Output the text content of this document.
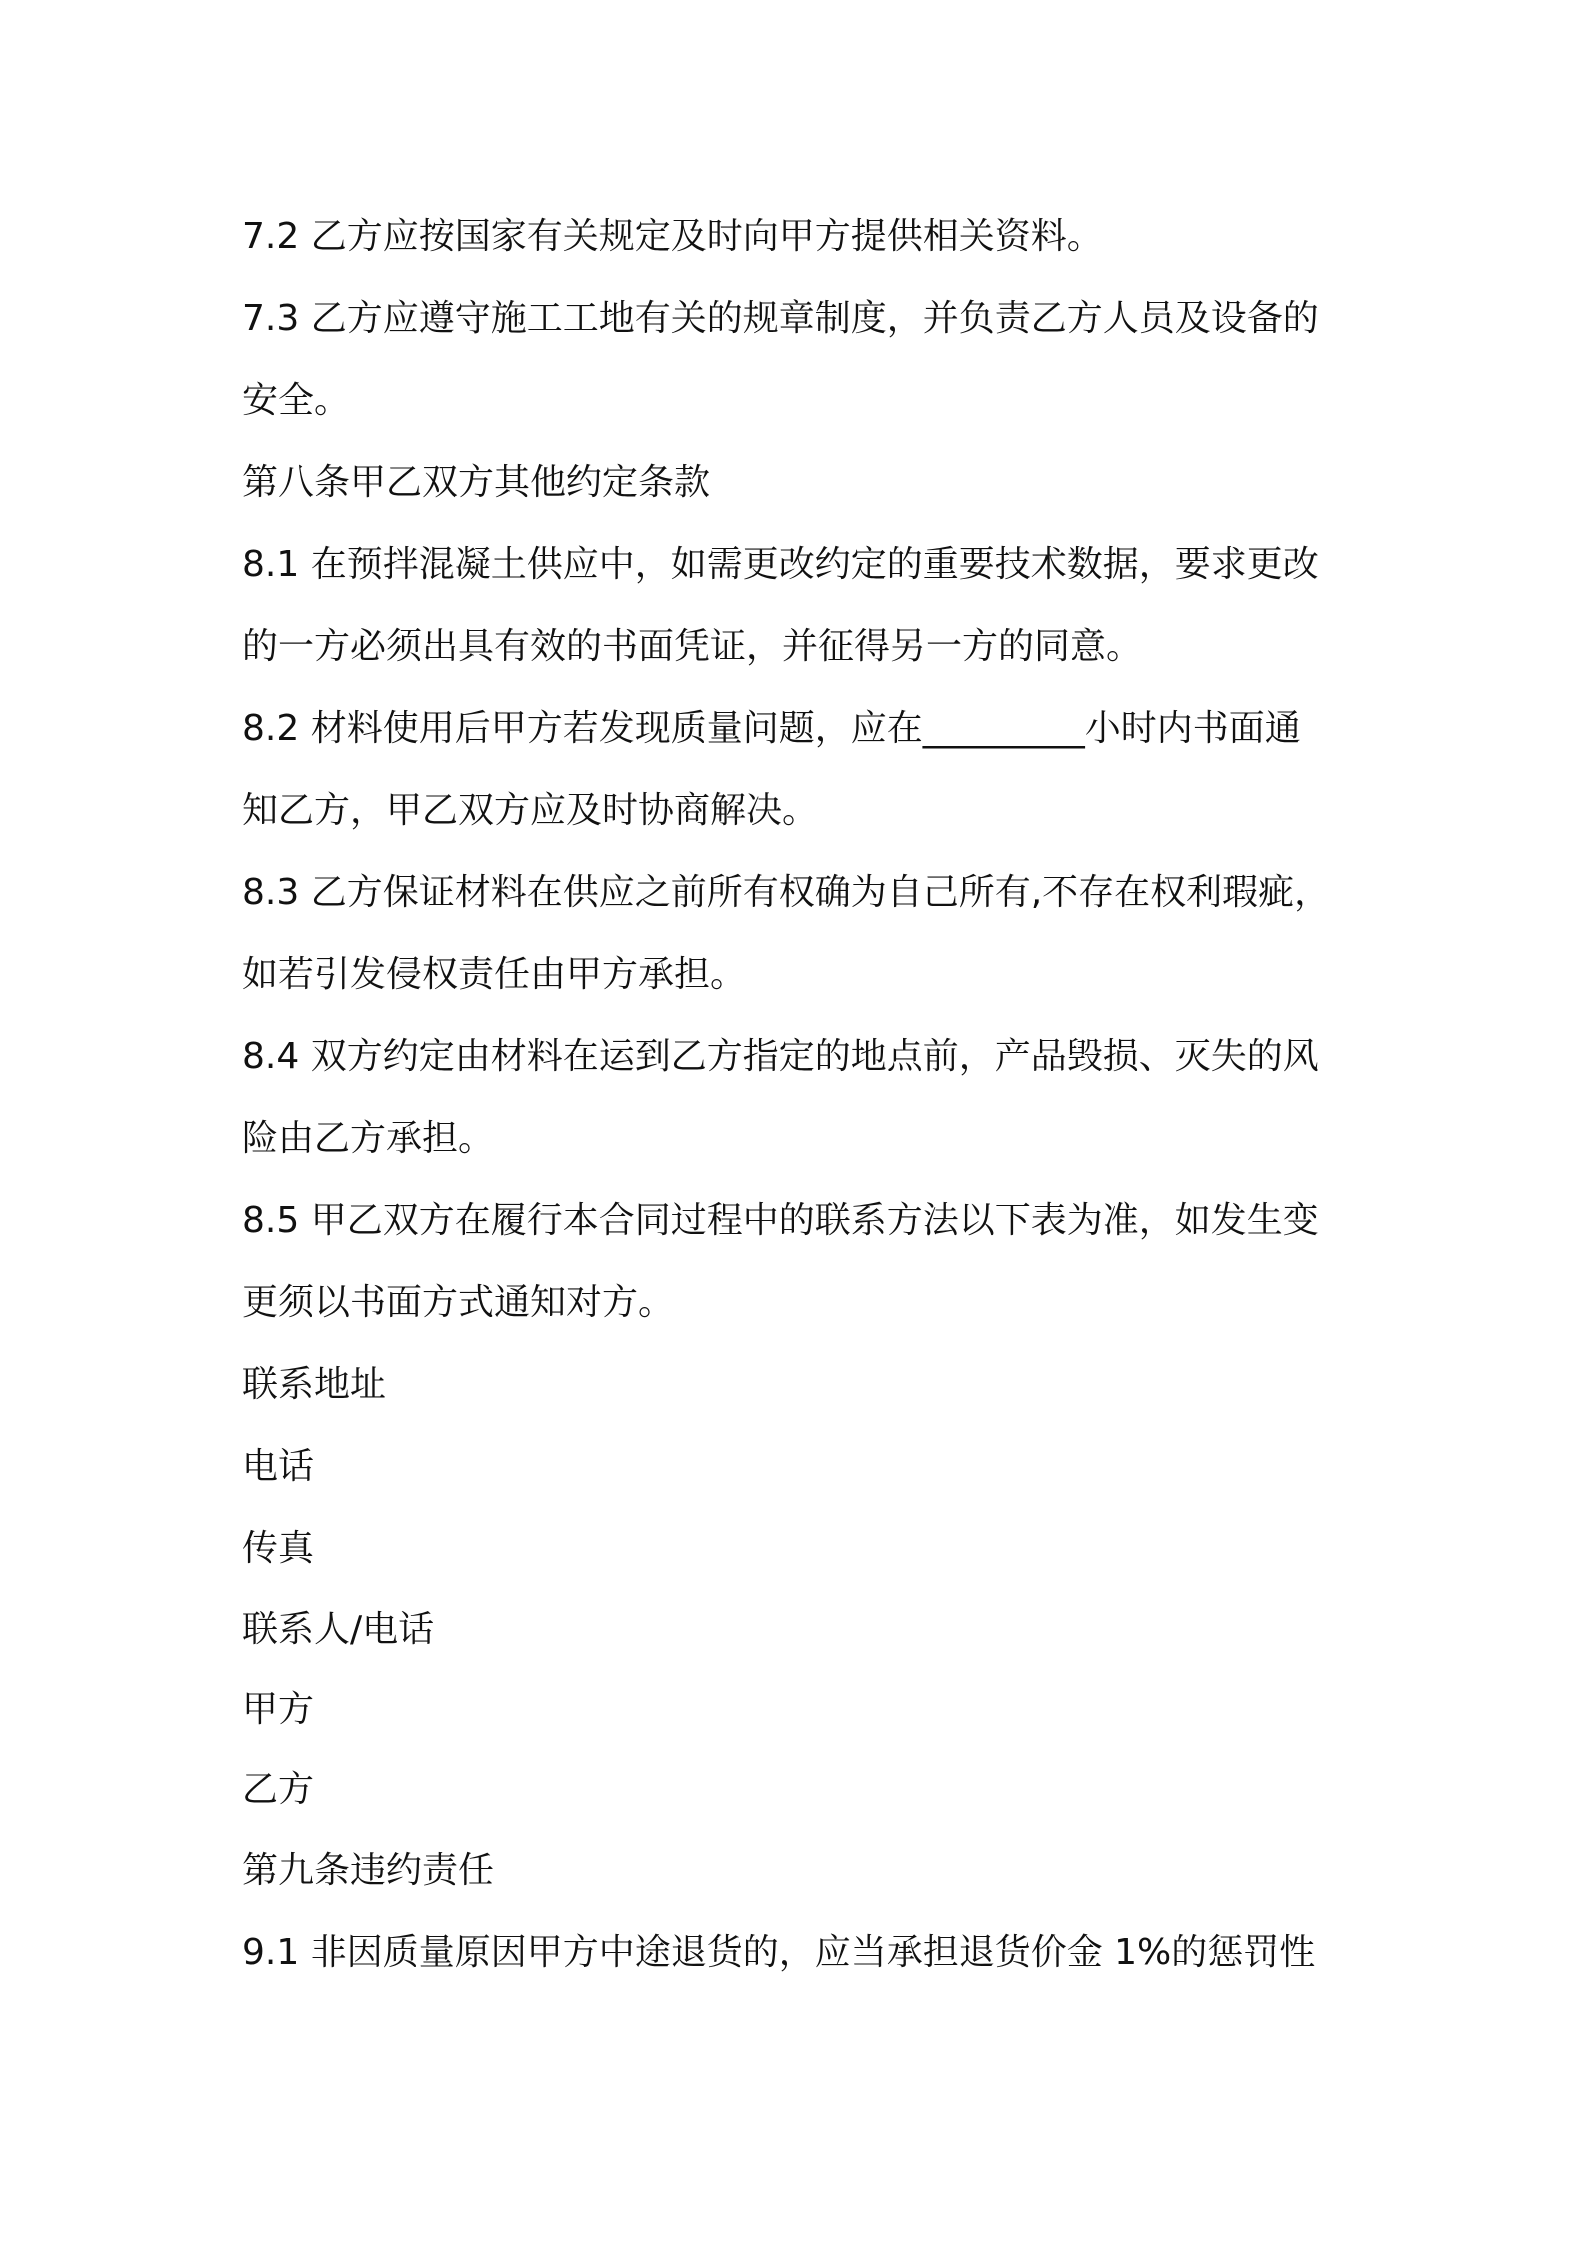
7.2 乙方应按国家有关规定及时向甲方提供相关资料。
7.3 乙方应遵守施工工地有关的规章制度，并负责乙方人员及设备的
安全。
第八条甲乙双方其他约定条款
8.1 在预拌混凝土供应中，如需更改约定的重要技术数据，要求更改
的一方必须出具有效的书面凭证，并征得另一方的同意。
8.2 材料使用后甲方若发现质量问题，应在_________小时内书面通
知乙方，甲乙双方应及时协商解决。
8.3 乙方保证材料在供应之前所有权确为自己所有,不存在权利瑕疵，
如若引发侵权责任由甲方承担。
8.4 双方约定由材料在运到乙方指定的地点前，产品毁损、灭失的风
险由乙方承担。
8.5 甲乙双方在履行本合同过程中的联系方法以下表为准，如发生变
更须以书面方式通知对方。
联系地址
电话
传真
联系人/电话
甲方
乙方
第九条违约责任
9.1 非因质量原因甲方中途退货的，应当承担退货价金 1%的惩罚性
